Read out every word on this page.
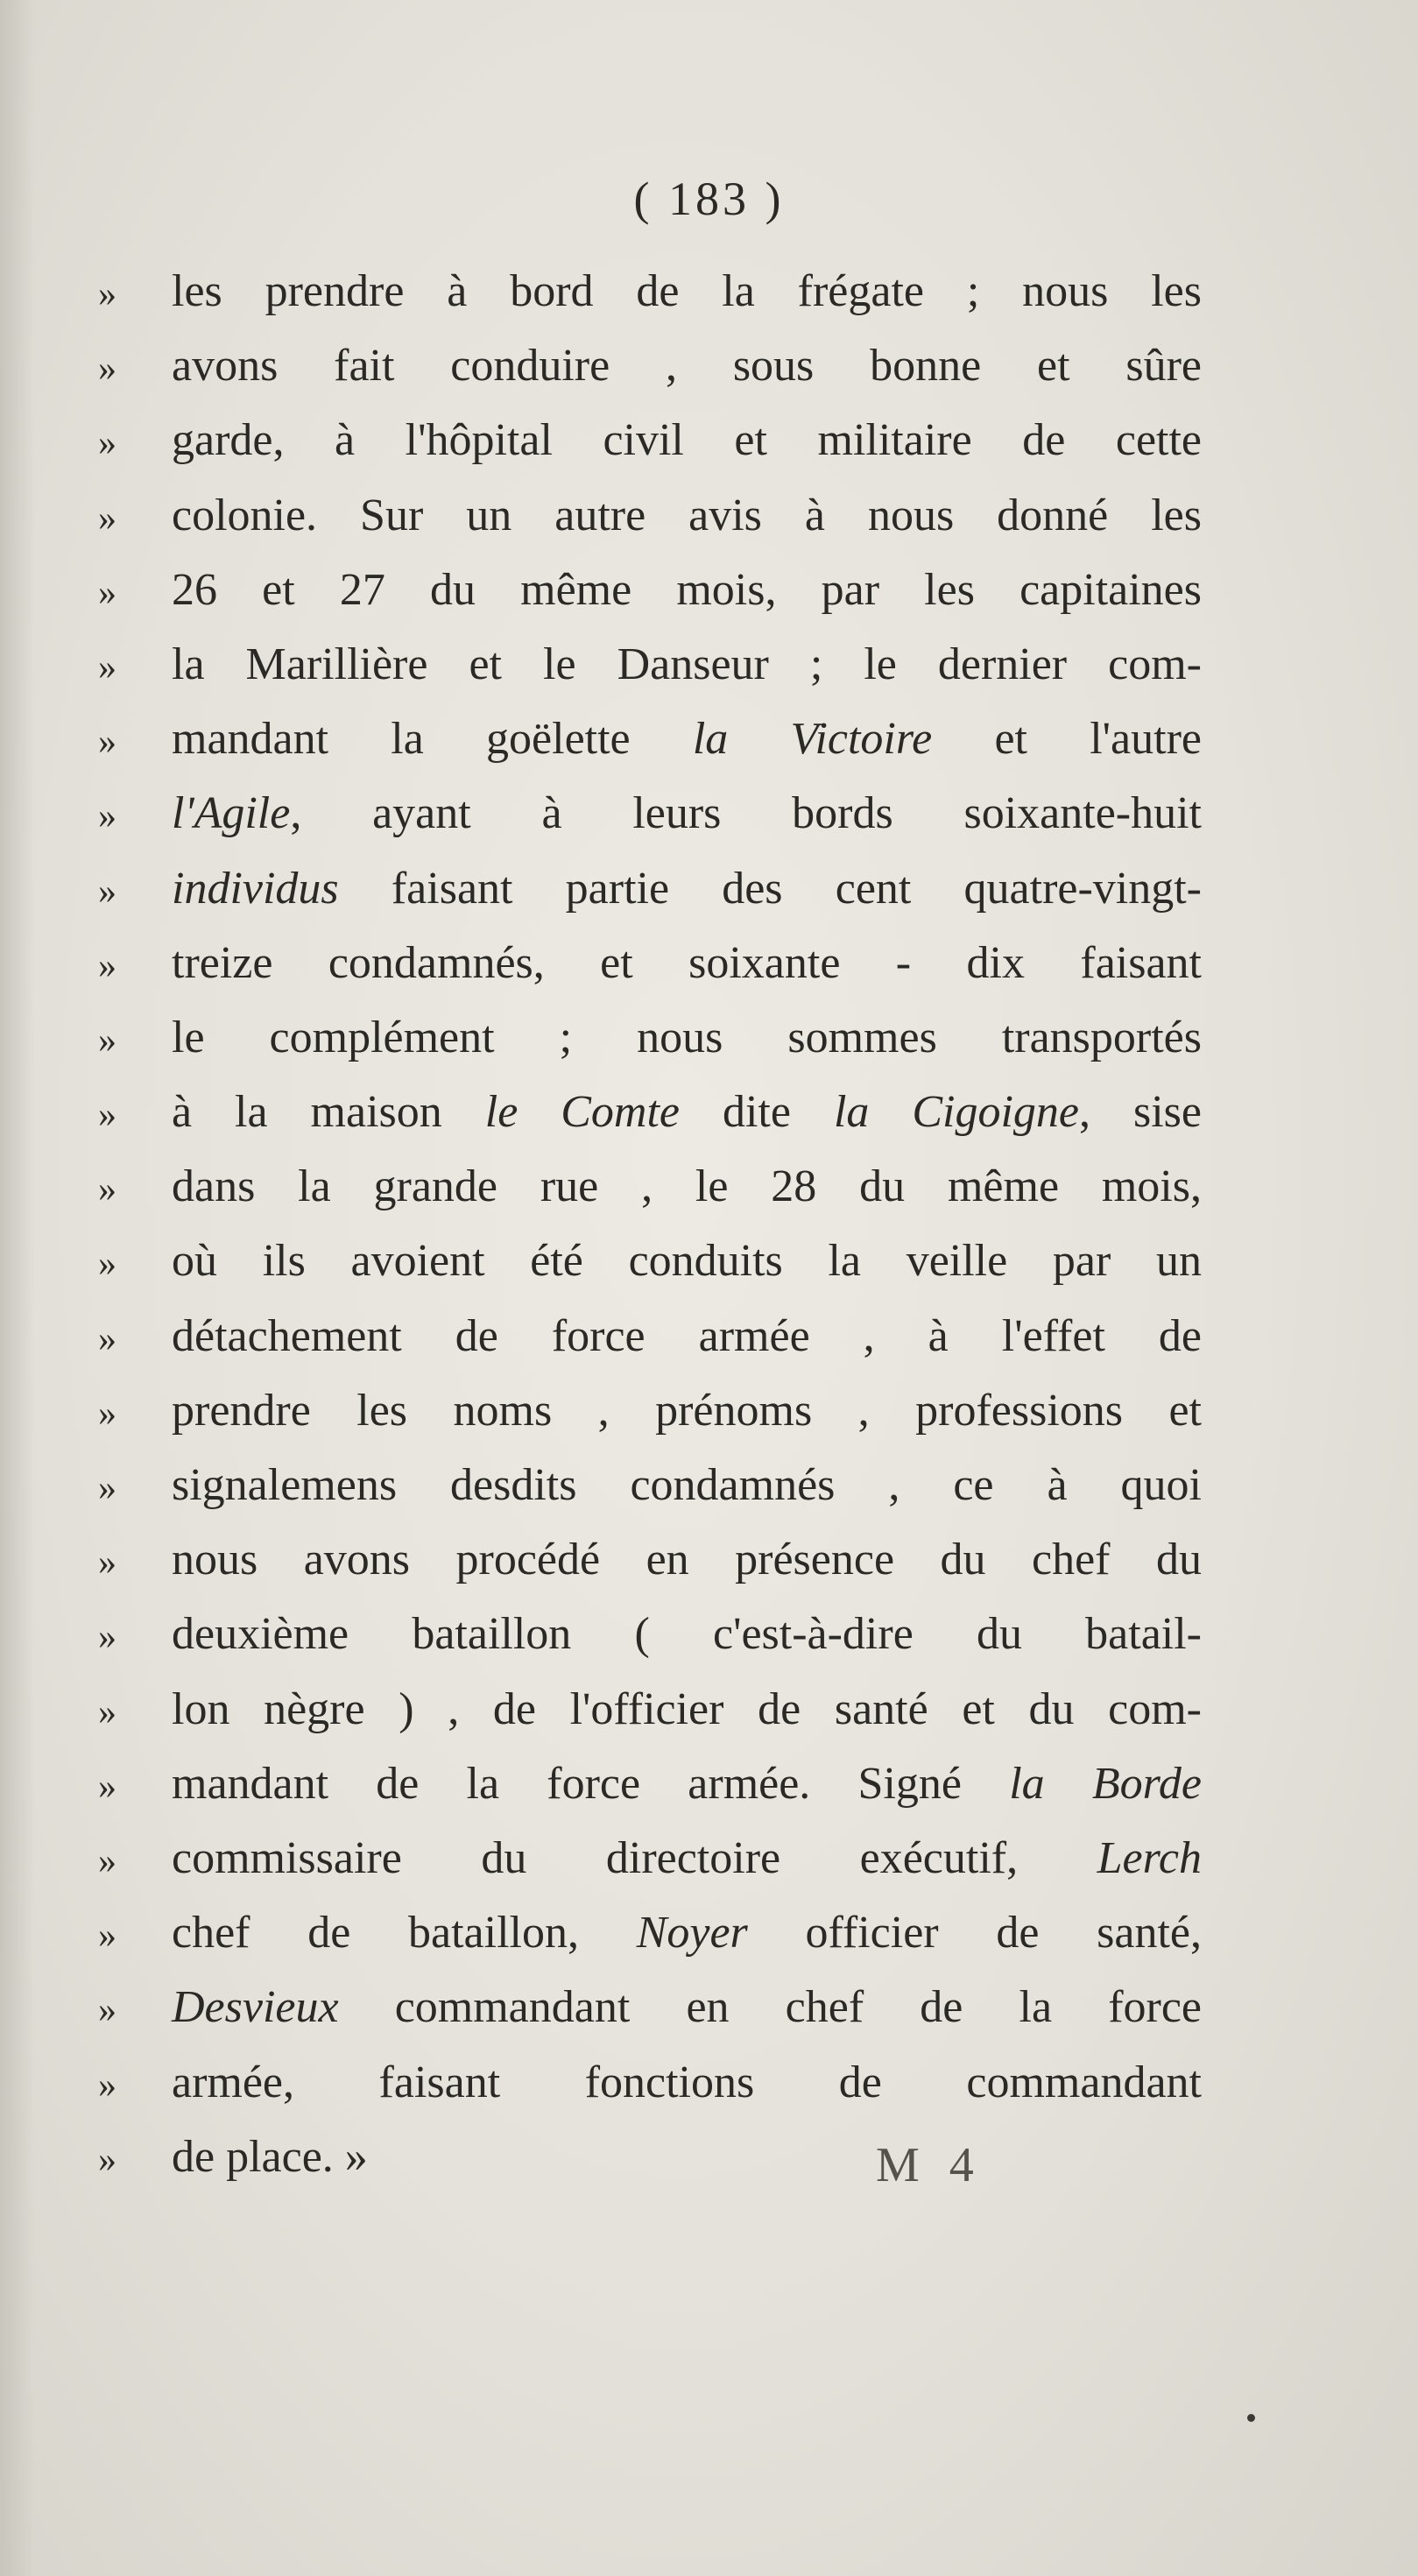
( 183 )
»	les prendre à bord de la frégate ; nous les
»	avons fait conduire , sous bonne et sûre
»	garde, à l'hôpital civil et militaire de cette
»	colonie. Sur un autre avis à nous donné les
»	26 et 27 du même mois, par les capitaines
»	la Marillière et le Danseur ; le dernier com-
»	mandant la goëlette la Victoire et l'autre
»	l'Agile, ayant à leurs bords soixante-huit
»	individus faisant partie des cent quatre-vingt-
»	treize condamnés, et soixante - dix faisant
»	le complément ; nous sommes transportés
»	à la maison le Comte dite la Cigoigne, sise
»	dans la grande rue , le 28 du même mois,
»	où ils avoient été conduits la veille par un
»	détachement de force armée , à l'effet de
»	prendre les noms , prénoms , professions et
»	signalemens desdits condamnés , ce à quoi
»	nous avons procédé en présence du chef du
»	deuxième bataillon ( c'est-à-dire du batail-
»	lon nègre ) , de l'officier de santé et du com-
»	mandant de la force armée. Signé la Borde
»	commissaire du directoire exécutif, Lerch
»	chef de bataillon, Noyer officier de santé,
»	Desvieux commandant en chef de la force
»	armée, faisant fonctions de commandant
»	de place. »	M 4
